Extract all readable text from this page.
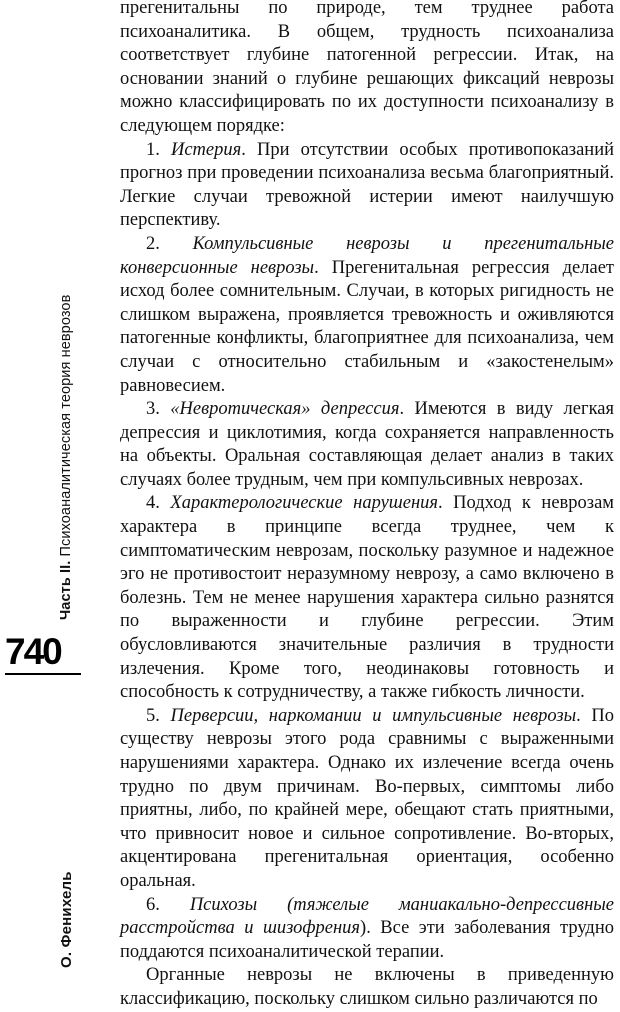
Часть II. Психоаналитическая теория неврозов
740
О. Фенихель

прегенитальны по природе, тем труднее работа психоаналитика. В общем, трудность психоанализа соответствует глубине патогенной регрессии. Итак, на основании знаний о глубине решающих фиксаций неврозы можно классифицировать по их доступности психоанализу в следующем порядке:

1. Истерия. При отсутствии особых противопоказаний прогноз при проведении психоанализа весьма благоприятный. Легкие случаи тревожной истерии имеют наилучшую перспективу.

2. Компульсивные неврозы и прегенитальные конверсионные неврозы. Прегенитальная регрессия делает исход более сомнительным. Случаи, в которых ригидность не слишком выражена, проявляется тревожность и оживляются патогенные конфликты, благоприятнее для психоанализа, чем случаи с относительно стабильным и «закостенелым» равновесием.

3. «Невротическая» депрессия. Имеются в виду легкая депрессия и циклотимия, когда сохраняется направленность на объекты. Оральная составляющая делает анализ в таких случаях более трудным, чем при компульсивных неврозах.

4. Характерологические нарушения. Подход к неврозам характера в принципе всегда труднее, чем к симптоматическим неврозам, поскольку разумное и надежное эго не противостоит неразумному неврозу, а само включено в болезнь. Тем не менее нарушения характера сильно разнятся по выраженности и глубине регрессии. Этим обусловливаются значительные различия в трудности излечения. Кроме того, неодинаковы готовность и способность к сотрудничеству, а также гибкость личности.

5. Перверсии, наркомании и импульсивные неврозы. По существу неврозы этого рода сравнимы с выраженными нарушениями характера. Однако их излечение всегда очень трудно по двум причинам. Во-первых, симптомы либо приятны, либо, по крайней мере, обещают стать приятными, что привносит новое и сильное сопротивление. Во-вторых, акцентирована прегенитальная ориентация, особенно оральная.

6. Психозы (тяжелые маниакально-депрессивные расстройства и шизофрения). Все эти заболевания трудно поддаются психоаналитической терапии.

Органные неврозы не включены в приведенную классификацию, поскольку слишком сильно различаются по
